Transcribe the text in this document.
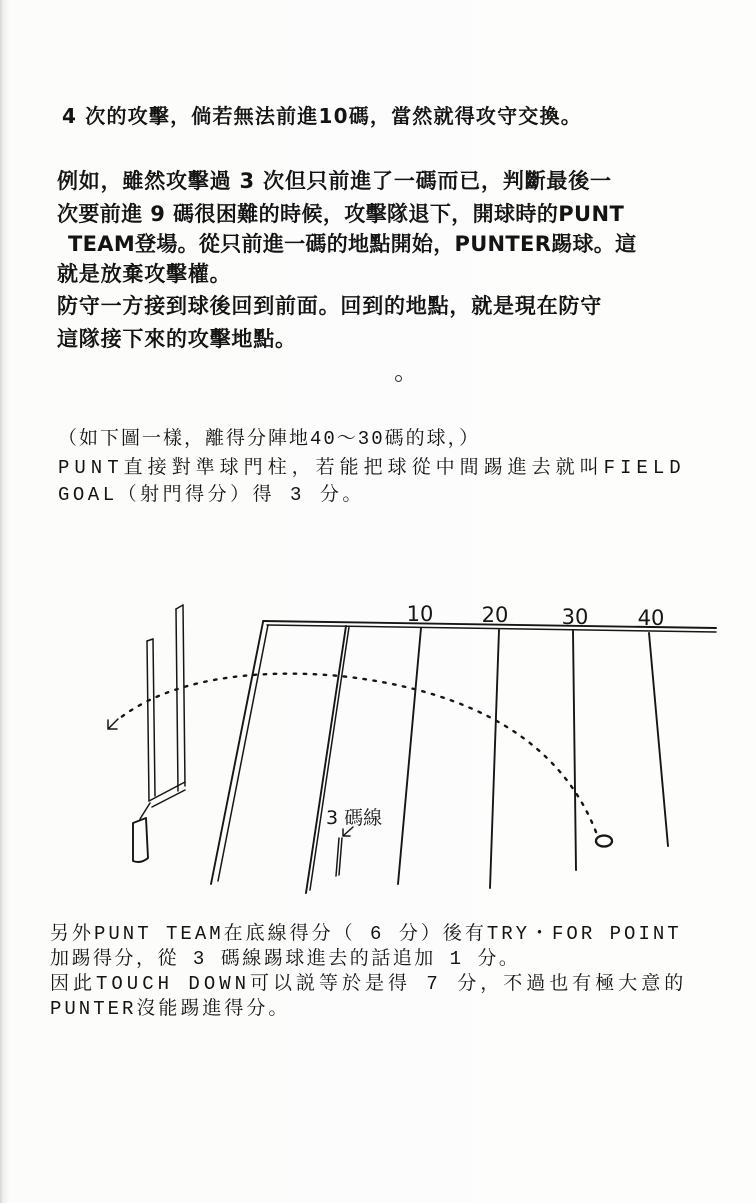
4 次的攻擊，倘若無法前進10碼，當然就得攻守交換。
例如，雖然攻擊過 3 次但只前進了一碼而已，判斷最後一
次要前進 9 碼很困難的時候，攻擊隊退下，開球時的PUNT
TEAM登場。從只前進一碼的地點開始，PUNTER踢球。這
就是放棄攻擊權。
防守一方接到球後回到前面。回到的地點，就是現在防守
這隊接下來的攻擊地點。
（如下圖一樣，離得分陣地40～30碼的球，）
PUNT直接對準球門柱，若能把球從中間踢進去就叫FIELD
GOAL（射門得分）得 3 分。
10 20	30 40
3 碼線
另外PUNT TEAM在底線得分（ 6 分）後有TRY・FOR POINT
加踢得分，從 3 碼線踢球進去的話追加 1 分。
因此TOUCH DOWN可以説等於是得 7 分，不過也有極大意的
PUNTER沒能踢進得分。
